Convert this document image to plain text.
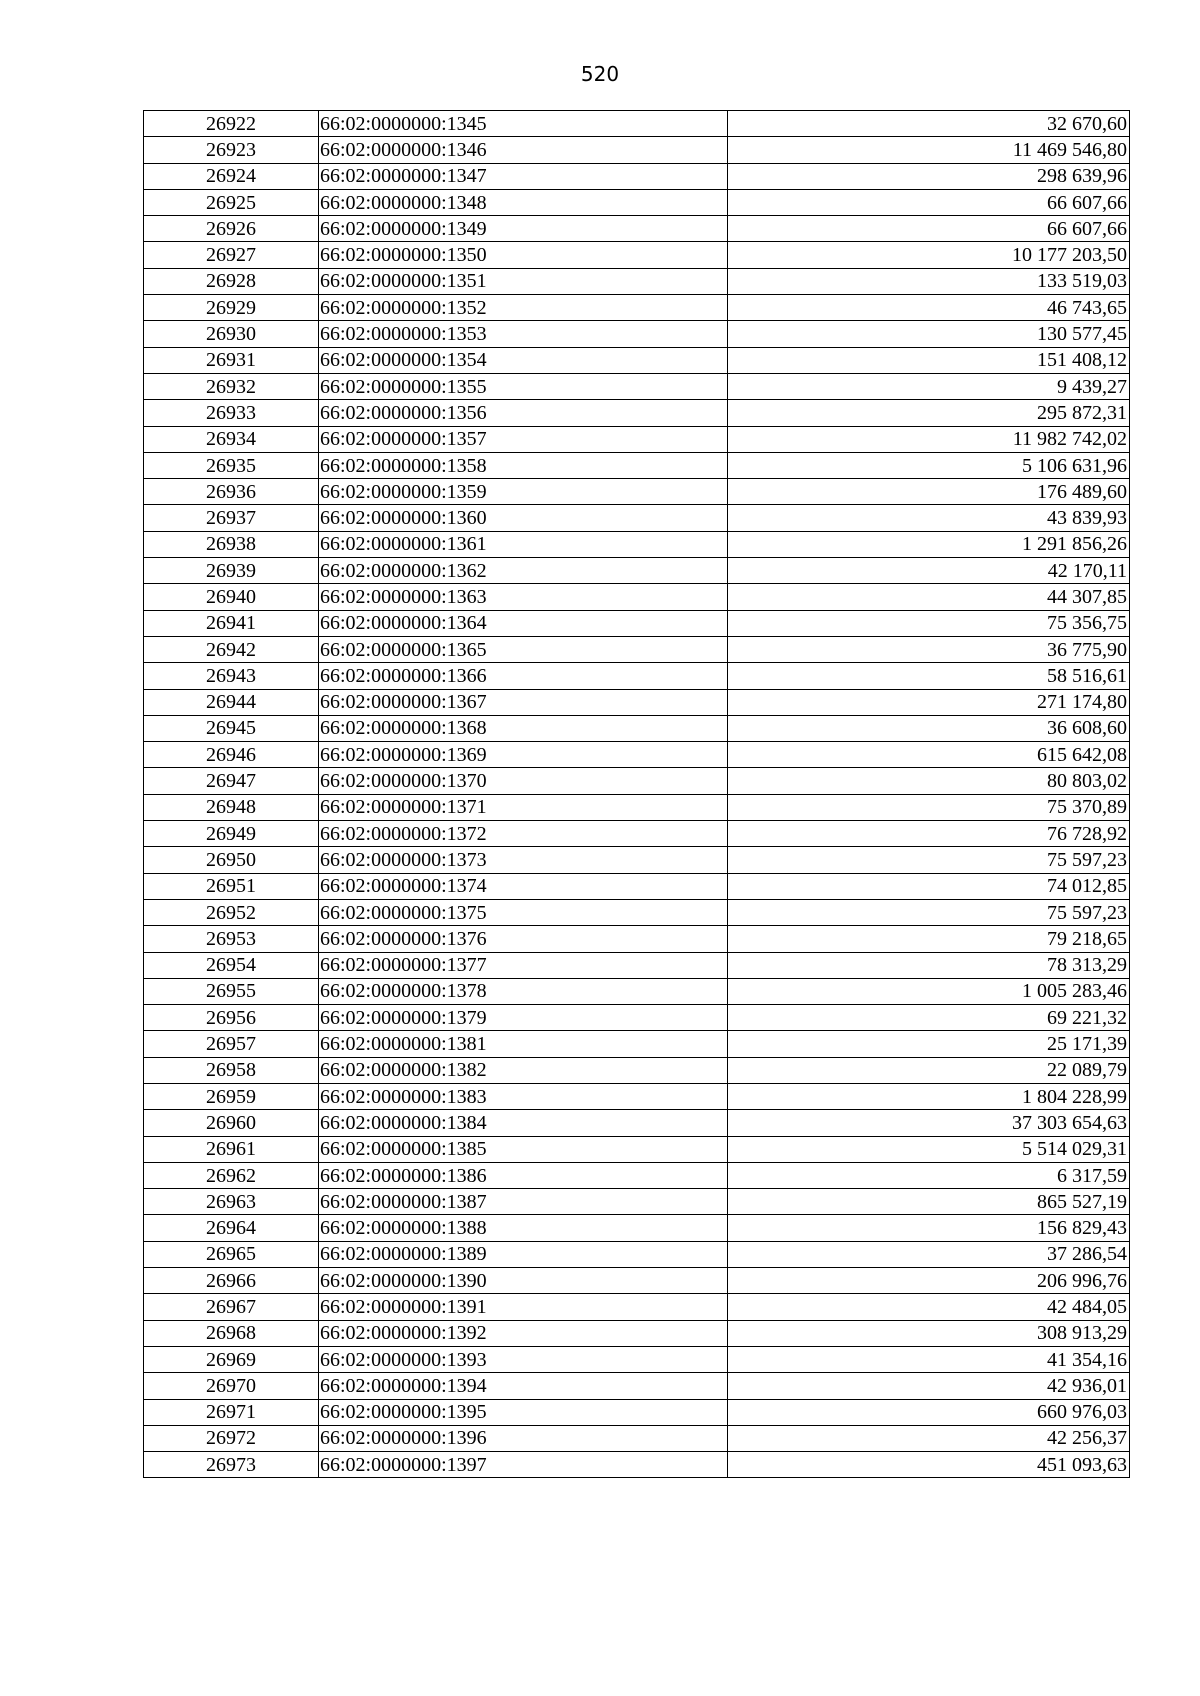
520
26922	66:02:0000000:1345	32 670,60
26923	66:02:0000000:1346	11 469 546,80
26924	66:02:0000000:1347	298 639,96
26925	66:02:0000000:1348	66 607,66
26926	66:02:0000000:1349	66 607,66
26927	66:02:0000000:1350	10 177 203,50
26928	66:02:0000000:1351	133 519,03
26929	66:02:0000000:1352	46 743,65
26930	66:02:0000000:1353	130 577,45
26931	66:02:0000000:1354	151 408,12
26932	66:02:0000000:1355	9 439,27
26933	66:02:0000000:1356	295 872,31
26934	66:02:0000000:1357	11 982 742,02
26935	66:02:0000000:1358	5 106 631,96
26936	66:02:0000000:1359	176 489,60
26937	66:02:0000000:1360	43 839,93
26938	66:02:0000000:1361	1 291 856,26
26939	66:02:0000000:1362	42 170,11
26940	66:02:0000000:1363	44 307,85
26941	66:02:0000000:1364	75 356,75
26942	66:02:0000000:1365	36 775,90
26943	66:02:0000000:1366	58 516,61
26944	66:02:0000000:1367	271 174,80
26945	66:02:0000000:1368	36 608,60
26946	66:02:0000000:1369	615 642,08
26947	66:02:0000000:1370	80 803,02
26948	66:02:0000000:1371	75 370,89
26949	66:02:0000000:1372	76 728,92
26950	66:02:0000000:1373	75 597,23
26951	66:02:0000000:1374	74 012,85
26952	66:02:0000000:1375	75 597,23
26953	66:02:0000000:1376	79 218,65
26954	66:02:0000000:1377	78 313,29
26955	66:02:0000000:1378	1 005 283,46
26956	66:02:0000000:1379	69 221,32
26957	66:02:0000000:1381	25 171,39
26958	66:02:0000000:1382	22 089,79
26959	66:02:0000000:1383	1 804 228,99
26960	66:02:0000000:1384	37 303 654,63
26961	66:02:0000000:1385	5 514 029,31
26962	66:02:0000000:1386	6 317,59
26963	66:02:0000000:1387	865 527,19
26964	66:02:0000000:1388	156 829,43
26965	66:02:0000000:1389	37 286,54
26966	66:02:0000000:1390	206 996,76
26967	66:02:0000000:1391	42 484,05
26968	66:02:0000000:1392	308 913,29
26969	66:02:0000000:1393	41 354,16
26970	66:02:0000000:1394	42 936,01
26971	66:02:0000000:1395	660 976,03
26972	66:02:0000000:1396	42 256,37
26973	66:02:0000000:1397	451 093,63
